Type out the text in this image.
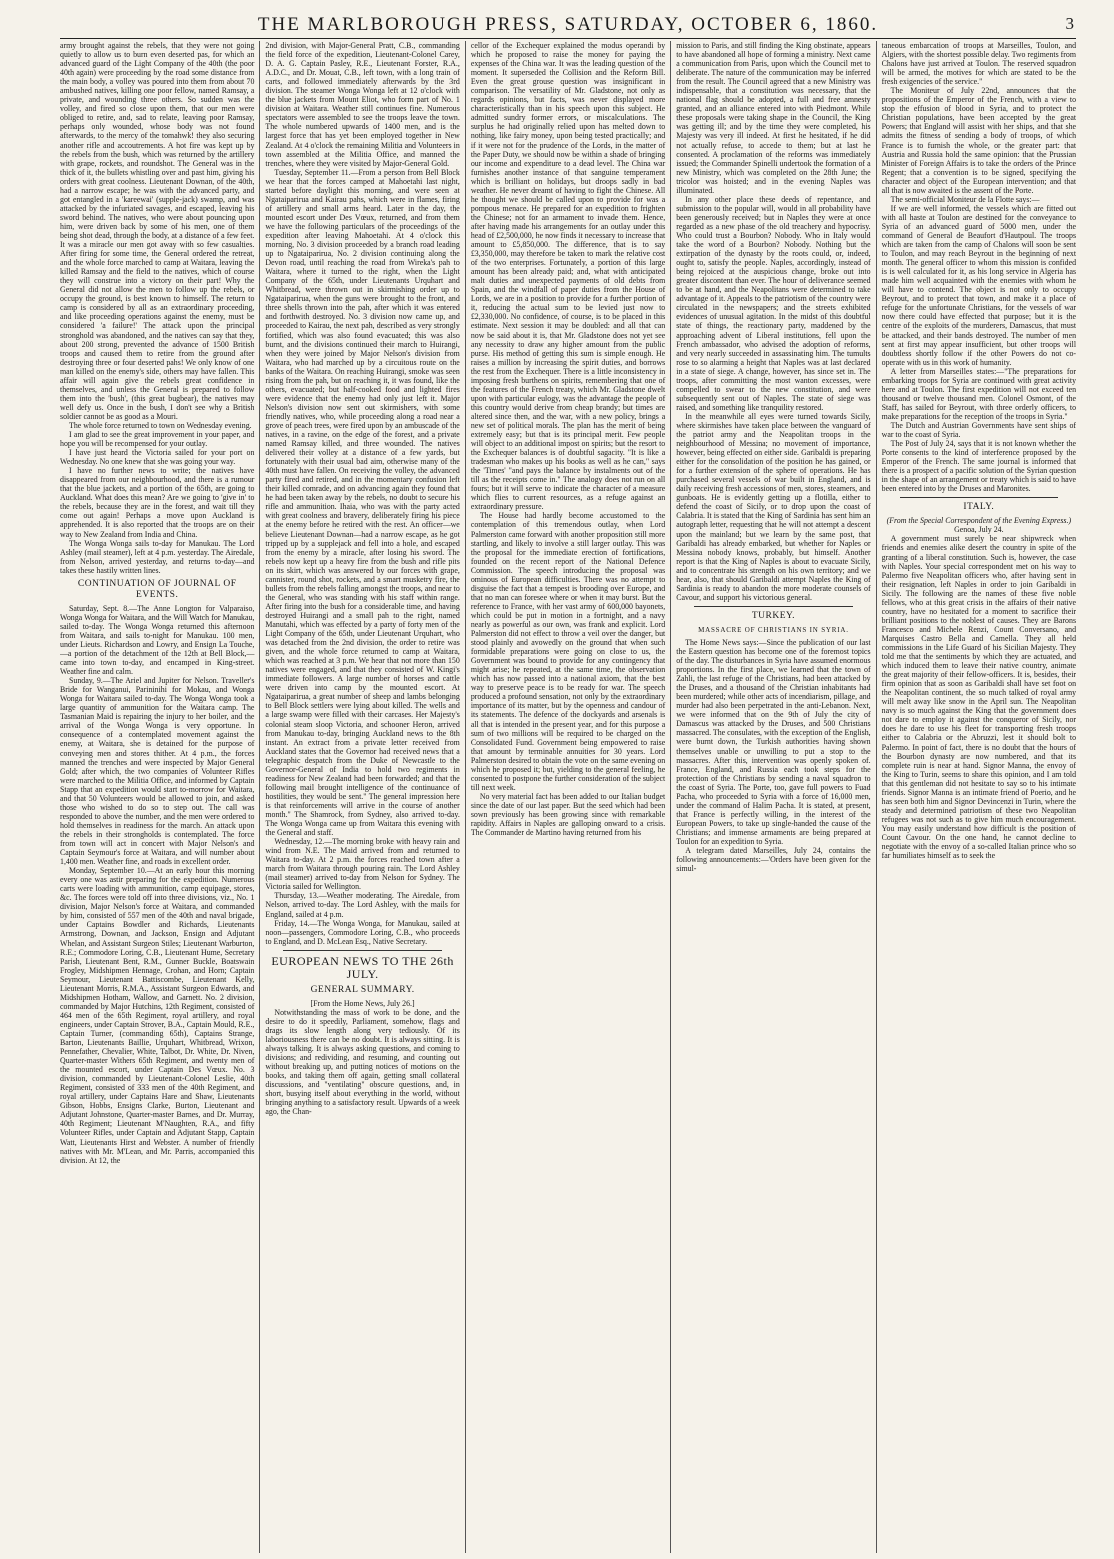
THE MARLBOROUGH PRESS, SATURDAY, OCTOBER 6, 1860.	3

army brought against the rebels, that they were not going quietly to allow us to burn even deserted pas, for which an advanced guard of the Light Company of the 40th (the poor 40th again) were proceeding by the road some distance from the main body, a volley was poured into them from about 70 ambushed natives, killing one poor fellow, named Ramsay, a private, and wounding three others. So sudden was the volley, and fired so close upon them, that our men were obliged to retire, and, sad to relate, leaving poor Ramsay, perhaps only wounded, whose body was not found afterwards, to the mercy of the tomahwk! they also securing another rifle and accoutrements. A hot fire was kept up by the rebels from the bush, which was returned by the artillery with grape, rockets, and roundshot. The General was in the thick of it, the bullets whistling over and past him, giving his orders with great coolness. Lieutenant Downan, of the 40th, had a narrow escape; he was with the advanced party, and got entangled in a 'kareewai' (supple-jack) swamp, and was attacked by the infuriated savages, and escaped, leaving his sword behind. The natives, who were about pouncing upon him, were driven back by some of his men, one of them being shot dead, through the body, at a distance of a few feet. It was a miracle our men got away with so few casualties. After firing for some time, the General ordered the retreat, and the whole force marched to camp at Waitara, leaving the killed Ramsay and the field to the natives, which of course they will construe into a victory on their part! Why the General did not allow the men to follow up the rebels, or occupy the ground, is best known to himself. The return to camp is considered by all as an extraordinary proceeding, and like proceeding operations against the enemy, must be considered 'a failure!' The attack upon the principal stronghold was abandoned, and the natives can say that they, about 200 strong, prevented the advance of 1500 British troops and caused them to retire from the ground after destroying three or four deserted pahs! We only know of one man killed on the enemy's side, others may have fallen. This affair will again give the rebels great confidence in themselves, and unless the General is prepared to follow them into the 'bush', (this great bugbear), the natives may well defy us. Once in the bush, I don't see why a British soldier cannot be as good as a Mouri.

The whole force returned to town on Wednesday evening.

I am glad to see the great improvement in your paper, and hope you will be recompensed for your outlay.

I have just heard the Victoria sailed for your port on Wednesday. No one knew that she was going your way.

I have no further news to write; the natives have disappeared from our neighbourhood, and there is a rumour that the blue jackets, and a portion of the 65th, are going to Auckland. What does this mean? Are we going to 'give in' to the rebels, because they are in the forest, and wait till they come out again! Perhaps a move upon Auckland is apprehended. It is also reported that the troops are on their way to New Zealand from India and China.

The Wonga Wonga sails to-day for Manukau. The Lord Ashley (mail steamer), left at 4 p.m. yesterday. The Airedale, from Nelson, arrived yesterday, and returns to-day—and takes these hastily written lines.

CONTINUATION OF JOURNAL OF EVENTS.

Saturday, Sept. 8.—The Anne Longton for Valparaiso, Wonga Wonga for Waitara, and the Will Watch for Manukau, sailed to-day. The Wonga Wonga returned this afternoon from Waitara, and sails to-night for Manukau. 100 men, under Lieuts. Richardson and Lowry, and Ensign La Touche,—a portion of the detachment of the 12th at Bell Block,—came into town to-day, and encamped in King-street. Weather fine and calm.

Sunday, 9.—The Ariel and Jupiter for Nelson. Traveller's Bride for Wanganui, Parininihi for Mokau, and Wonga Wonga for Waitara sailed to-day. The Wonga Wonga took a large quantity of ammunition for the Waitara camp. The Tasmanian Maid is repairing the injury to her boiler, and the arrival of the Wonga Wonga is very opportune. In consequence of a contemplated movement against the enemy, at Waitara, she is detained for the purpose of conveying men and stores thither. At 4 p.m., the forces manned the trenches and were inspected by Major General Gold; after which, the two companies of Volunteer Rifles were marched to the Militia Office, and informed by Captain Stapp that an expedition would start to-morrow for Waitara, and that 50 Volunteers would be allowed to join, and asked those who wished to do so to step out. The call was responded to above the number, and the men were ordered to hold themselves in readiness for the march. An attack upon the rebels in their strongholds is contemplated. The force from town will act in concert with Major Nelson's and Captain Seymour's force at Waitara, and will number about 1,400 men. Weather fine, and roads in excellent order.

Monday, September 10.—At an early hour this morning every one was astir preparing for the expedition. Numerous carts were loading with ammunition, camp equipage, stores, &c. The forces were told off into three divisions, viz., No. 1 division, Major Nelson's force at Waitara, and commanded by him, consisted of 557 men of the 40th and naval brigade, under Captains Bowdler and Richards, Lieutenants Armstrong, Downan, and Jackson, Ensign and Adjutant Whelan, and Assistant Surgeon Stiles; Lieutenant Warburton, R.E.; Commodore Loring, C.B., Lieutenant Hume, Secretary Parish, Lieutenant Bent, R.M., Gunner Buckle, Boatswain Frogley, Midshipmen Hennage, Crohan, and Horn; Captain Seymour, Lieutenant Battiscombe, Lieutenant Kelly, Lieutenant Morris, R.M.A., Assistant Surgeon Edwards, and Midshipmen Hotham, Wallow, and Garnett. No. 2 division, commanded by Major Hutchins, 12th Regiment, consisted of 464 men of the 65th Regiment, royal artillery, and royal engineers, under Captain Strover, B.A., Captain Mould, R.E., Captain Turner, (commanding 65th), Captains Strange, Barton, Lieutenants Baillie, Urquhart, Whitbread, Wrixon, Pennefather, Chevalier, White, Talbot, Dr. White, Dr. Niven, Quarter-master Withers 65th Regiment, and twenty men of the mounted escort, under Captain Des Vœux. No. 3 division, commanded by Lieutenant-Colonel Leslie, 40th Regiment, consisted of 333 men of the 40th Regiment, and royal artillery, under Captains Hare and Shaw, Lieutenants Gibson, Hobbs, Ensigns Clarke, Burton, Lieutenant and Adjutant Johnstone, Quarter-master Barnes, and Dr. Murray, 40th Regiment; Lieutenant M'Naughten, R.A., and fifty Volunteer Rifles, under Captain and Adjutant Stapp, Captain Watt, Lieutenants Hirst and Webster. A number of friendly natives with Mr. M'Lean, and Mr. Parris, accompanied this division. At 12, the

2nd division, with Major-General Pratt, C.B., commanding the field force of the expedition, Lieutenant-Colonel Carey, D. A. G. Captain Pasley, R.E., Lieutenant Forster, R.A., A.D.C., and Dr. Mouat, C.B., left town, with a long train of carts, and followed immediately afterwards by the 3rd division. The steamer Wonga Wonga left at 12 o'clock with the blue jackets from Mount Eliot, who form part of No. 1 division at Waitara. Weather still continues fine. Numerous spectators were assembled to see the troops leave the town. The whole numbered upwards of 1400 men, and is the largest force that has yet been employed together in New Zealand. At 4 o'clock the remaining Militia and Volunteers in town assembled at the Militia Office, and manned the trenches, where they were visited by Major-General Gold.

Tuesday, September 11.—From a person from Bell Block we hear that the forces camped at Mahoetahi last night, started before daylight this morning, and were seen at Ngataiparirua and Kairau pahs, which were in flames, firing of artillery and small arms heard. Later in the day, the mounted escort under Des Vœux, returned, and from them we have the following particulars of the proceedings of the expedition after leaving Mahoetahi. At 4 o'clock this morning, No. 3 division proceeded by a branch road leading up to Ngataiparirua, No. 2 division continuing along the Devon road, until reaching the road from Wireka's pah to Waitara, where it turned to the right, when the Light Company of the 65th, under Lieutenants Urquhart and Whitbread, were thrown out in skirmishing order up to Ngataiparirua, when the guns were brought to the front, and three shells thrown into the pah, after which it was entered and forthwith destroyed. No. 3 division now came up, and proceeded to Kairau, the next pah, described as very strongly fortified, which was also found evacuated; this was also burnt, and the divisions continued their march to Huirangi, when they were joined by Major Nelson's division from Waitara, who had marched up by a circuitous route on the banks of the Waitara. On reaching Huirangi, smoke was seen rising from the pah, but on reaching it, it was found, like the others, evacuated; but half-cooked food and lighted fires were evidence that the enemy had only just left it. Major Nelson's division now sent out skirmishers, with some friendly natives, who, while proceeding along a road near a grove of peach trees, were fired upon by an ambuscade of the natives, in a ravine, on the edge of the forest, and a private named Ramsay killed, and three wounded. The natives delivered their volley at a distance of a few yards, but fortunately with their usual bad aim, otherwise many of the 40th must have fallen. On receiving the volley, the advanced party fired and retired, and in the momentary confusion left their killed comrade, and on advancing again they found that he had been taken away by the rebels, no doubt to secure his rifle and ammunition. Ihaia, who was with the party acted with great coolness and bravery, deliberately firing his piece at the enemy before he retired with the rest. An officer—we believe Lieutenant Downan—had a narrow escape, as he got tripped up by a supplejack and fell into a hole, and escaped from the enemy by a miracle, after losing his sword. The rebels now kept up a heavy fire from the bush and rifle pits on its skirt, which was answered by our forces with grape, cannister, round shot, rockets, and a smart musketry fire, the bullets from the rebels falling amongst the troops, and near to the General, who was standing with his staff within range. After firing into the bush for a considerable time, and having destroyed Huirangi and a small pah to the right, named Manutahi, which was effected by a party of forty men of the Light Company of the 65th, under Lieutenant Urquhart, who was detached from the 2nd division, the order to retire was given, and the whole force returned to camp at Waitara, which was reached at 3 p.m. We hear that not more than 150 natives were engaged, and that they consisted of W. Kingi's immediate followers. A large number of horses and cattle were driven into camp by the mounted escort. At Ngataiparirua, a great number of sheep and lambs belonging to Bell Block settlers were lying about killed. The wells and a large swamp were filled with their carcases. Her Majesty's colonial steam sloop Victoria, and schooner Heron, arrived from Manukau to-day, bringing Auckland news to the 8th instant. An extract from a private letter received from Auckland states that the Governor had received news that a telegraphic despatch from the Duke of Newcastle to the Governor-General of India to hold two regiments in readiness for New Zealand had been forwarded; and that the following mail brought intelligence of the continuance of hostilities, they would be sent." The general impression here is that reinforcements will arrive in the course of another month." The Shamrock, from Sydney, also arrived to-day. The Wonga Wonga came up from Waitara this evening with the General and staff.

Wednesday, 12.—The morning broke with heavy rain and wind from N.E. The Maid arrived from and returned to Waitara to-day. At 2 p.m. the forces reached town after a march from Waitara through pouring rain. The Lord Ashley (mail steamer) arrived to-day from Nelson for Sydney. The Victoria sailed for Wellington.

Thursday, 13.—Weather moderating. The Airedale, from Nelson, arrived to-day. The Lord Ashley, with the mails for England, sailed at 4 p.m.

Friday, 14.—The Wonga Wonga, for Manukau, sailed at noon—passengers, Commodore Loring, C.B., who proceeds to England, and D. McLean Esq., Native Secretary.

EUROPEAN NEWS TO THE 26th JULY.

GENERAL SUMMARY.

[From the Home News, July 26.]

Notwithstanding the mass of work to be done, and the desire to do it speedily, Parliament, somehow, flags and drags its slow length along very tediously. Of its laboriousness there can be no doubt. It is always sitting. It is always talking. It is always asking questions, and coming to divisions; and redividing, and resuming, and counting out without breaking up, and putting notices of motions on the books, and taking them off again, getting small collateral discussions, and "ventilating" obscure questions, and, in short, busying itself about everything in the world, without bringing anything to a satisfactory result. Upwards of a week ago, the Chan-

cellor of the Exchequer explained the modus operandi by which he proposed to raise the money for paying the expenses of the China war. It was the leading question of the moment. It superseded the Collision and the Reform Bill. Even the great grouse question was insignificant in comparison. The versatility of Mr. Gladstone, not only as regards opinions, but facts, was never displayed more characteristically than in his speech upon this subject. He admitted sundry former errors, or miscalculations. The surplus he had originally relied upon has melted down to nothing, like fairy money, upon being tested practically; and if it were not for the prudence of the Lords, in the matter of the Paper Duty, we should now be within a shade of bringing our income and expenditure to a dead level. The China war furnishes another instance of that sanguine temperament which is brilliant on holidays, but droops sadly in bad weather. He never dreamt of having to fight the Chinese. All he thought we should be called upon to provide for was a pompous menace. He prepared for an expedition to frighten the Chinese; not for an armament to invade them. Hence, after having made his arrangements for an outlay under this head of £2,500,000, he now finds it necessary to increase that amount to £5,850,000. The difference, that is to say £3,350,000, may therefore be taken to mark the relative cost of the two enterprises. Fortunately, a portion of this large amount has been already paid; and, what with anticipated malt duties and unexpected payments of old debts from Spain, and the windfall of paper duties from the House of Lords, we are in a position to provide for a further portion of it, reducing the actual sum to be levied just now to £2,330,000. No confidence, of course, is to be placed in this estimate. Next session it may be doubled: and all that can now be said about it is, that Mr. Gladstone does not yet see any necessity to draw any higher amount from the public purse. His method of getting this sum is simple enough. He raises a million by increasing the spirit duties, and borrows the rest from the Exchequer. There is a little inconsistency in imposing fresh burthens on spirits, remembering that one of the features of the French treaty, which Mr. Gladstone dwelt upon with particular eulogy, was the advantage the people of this country would derive from cheap brandy; but times are altered since then, and the war, with a new policy, brings a new set of political morals. The plan has the merit of being extremely easy; but that is its principal merit. Few people will object to an additional impost on spirits; but the resort to the Exchequer balances is of doubtful sagacity. "It is like a tradesman who makes up his books as well as he can," says the 'Times' "and pays the balance by instalments out of the till as the receipts come in." The analogy does not run on all fours; but it will serve to indicate the character of a measure which flies to current resources, as a refuge against an extraordinary pressure.

The House had hardly become accustomed to the contemplation of this tremendous outlay, when Lord Palmerston came forward with another proposition still more startling, and likely to involve a still larger outlay. This was the proposal for the immediate erection of fortifications, founded on the recent report of the National Defence Commission. The speech introducing the proposal was ominous of European difficulties. There was no attempt to disguise the fact that a tempest is brooding over Europe, and that no man can foresee where or when it may burst. But the reference to France, with her vast army of 600,000 bayonets, which could be put in motion in a fortnight, and a navy nearly as powerful as our own, was frank and explicit. Lord Palmerston did not effect to throw a veil over the danger, but stood plainly and avowedly on the ground that when such formidable preparations were going on close to us, the Government was bound to provide for any contingency that might arise; he repeated, at the same time, the observation which has now passed into a national axiom, that the best way to preserve peace is to be ready for war. The speech produced a profound sensation, not only by the extraordinary importance of its matter, but by the openness and candour of its statements. The defence of the dockyards and arsenals is all that is intended in the present year, and for this purpose a sum of two millions will be required to be charged on the Consolidated Fund. Government being empowered to raise that amount by terminable annuities for 30 years. Lord Palmerston desired to obtain the vote on the same evening on which he proposed it; but, yielding to the general feeling, he consented to postpone the further consideration of the subject till next week.

No very material fact has been added to our Italian budget since the date of our last paper. But the seed which had been sown previously has been growing since with remarkable rapidity. Affairs in Naples are galloping onward to a crisis. The Commander de Martino having returned from his

mission to Paris, and still finding the King obstinate, appears to have abandoned all hope of forming a ministry. Next came a communication from Paris, upon which the Council met to deliberate. The nature of the communication may be inferred from the result. The Council agreed that a new Ministry was indispensable, that a constitution was necessary, that the national flag should be adopted, a full and free amnesty granted, and an alliance entered into with Piedmont. While these proposals were taking shape in the Council, the King was getting ill; and by the time they were completed, his Majesty was very ill indeed. At first he hesitated, if he did not actually refuse, to accede to them; but at last he consented. A proclamation of the reforms was immediately issued; the Commander Spinelli undertook the formation of a new Ministry, which was completed on the 28th June; the tricolor was hoisted; and in the evening Naples was illuminated.

In any other place these deeds of repentance, and submission to the popular will, would in all probability have been generously received; but in Naples they were at once regarded as a new phase of the old treachery and hypocrisy. Who could trust a Bourbon? Nobody. Who in Italy would take the word of a Bourbon? Nobody. Nothing but the extirpation of the dynasty by the roots could, or, indeed, ought to, satisfy the people. Naples, accordingly, instead of being rejoiced at the auspicious change, broke out into greater discontent than ever. The hour of deliverance seemed to be at hand, and the Neapolitans were determined to take advantage of it. Appeals to the patriotism of the country were circulated in the newspapers; and the streets exhibited evidences of unusual agitation. In the midst of this doubtful state of things, the reactionary party, maddened by the approaching advent of Liberal institutions, fell upon the French ambassador, who advised the adoption of reforms, and very nearly succeeded in assassinating him. The tumults rose to so alarming a height that Naples was at last declared in a state of siege. A change, however, has since set in. The troops, after committing the most wanton excesses, were compelled to swear to the new constitution, and were subsequently sent out of Naples. The state of siege was raised, and something like tranquility restored.

In the meanwhile all eyes were turned towards Sicily, where skirmishes have taken place between the vanguard of the patriot army and the Neapolitan troops in the neighbourhood of Messina; no movement of importance, however, being effected on either side. Garibaldi is preparing either for the consolidation of the position he has gained, or for a further extension of the sphere of operations. He has purchased several vessels of war built in England, and is daily receiving fresh accessions of men, stores, steamers, and gunboats. He is evidently getting up a flotilla, either to defend the coast of Sicily, or to drop upon the coast of Calabria. It is stated that the King of Sardinia has sent him an autograph letter, requesting that he will not attempt a descent upon the mainland; but we learn by the same post, that Garibaldi has already embarked, but whether for Naples or Messina nobody knows, probably, but himself. Another report is that the King of Naples is about to evacuate Sicily, and to concentrate his strength on his own territory; and we hear, also, that should Garibaldi attempt Naples the King of Sardinia is ready to abandon the more moderate counsels of Cavour, and support his victorious general.

TURKEY.

MASSACRE OF CHRISTIANS IN SYRIA.

The Home News says:—Since the publication of our last the Eastern question has become one of the foremost topics of the day. The disturbances in Syria have assumed enormous proportions. In the first place, we learned that the town of Zahli, the last refuge of the Christians, had been attacked by the Druses, and a thousand of the Christian inhabitants had been murdered; while other acts of incendiarism, pillage, and murder had also been perpetrated in the anti-Lebanon. Next, we were informed that on the 9th of July the city of Damascus was attacked by the Druses, and 500 Christians massacred. The consulates, with the exception of the English, were burnt down, the Turkish authorities having shown themselves unable or unwilling to put a stop to the massacres. After this, intervention was openly spoken of. France, England, and Russia each took steps for the protection of the Christians by sending a naval squadron to the coast of Syria. The Porte, too, gave full powers to Fuad Pacha, who proceeded to Syria with a force of 16,000 men, under the command of Halim Pacha. It is stated, at present, that France is perfectly willing, in the interest of the European Powers, to take up single-handed the cause of the Christians; and immense armaments are being prepared at Toulon for an expedition to Syria.

A telegram dated Marseilles, July 24, contains the following announcements:—'Orders have been given for the simul-

taneous embarcation of troops at Marseilles, Toulon, and Algiers, with the shortest possible delay. Two regiments from Chalons have just arrived at Toulon. The reserved squadron will be armed, the motives for which are stated to be the fresh exigencies of the service."

The Moniteur of July 22nd, announces that the propositions of the Emperor of the French, with a view to stop the effusion of blood in Syria, and to protect the Christian populations, have been accepted by the great Powers; that England will assist with her ships, and that she admits the fitness of sending a body of troops, of which France is to furnish the whole, or the greater part: that Austria and Russia hold the same opinion: that the Prussian Minister of Foreign Affairs is to take the orders of the Prince Regent; that a convention is to be signed, specifying the character and object of the European intervention; and that all that is now awaited is the assent of the Porte.

The semi-official Moniteur de la Flotte says:—

If we are well informed, the vessels which are fitted out with all haste at Toulon are destined for the conveyance to Syria of an advanced guard of 5000 men, under the command of General de Beaufort d'Hautpoul. The troops which are taken from the camp of Chalons will soon be sent to Toulon, and may reach Beyrout in the beginning of next month. The general officer to whom this mission is confided is is well calculated for it, as his long service in Algeria has made him well acquainted with the enemies with whom he will have to contend. The object is not only to occupy Beyrout, and to protect that town, and make it a place of refuge for the unfortunate Christians, for the vessels of war now there could have effected that purpose; but it is the centre of the exploits of the murderers, Damascus, that must be attacked, and their bands destroyed. The number of men sent at first may appear insufficient, but other troops will doubtless shortly follow if the other Powers do not co-operate with us in this work of humanity.

A letter from Marseilles states:—"The preparations for embarking troops for Syria are continued with great activity here and at Toulon. The first expedition will not exceed ten thousand or twelve thousand men. Colonel Osmont, of the Staff, has sailed for Beyrout, with three orderly officers, to make preparations for the reception of the troops in Syria."

The Dutch and Austrian Governments have sent ships of war to the coast of Syria.

The Post of July 24, says that it is not known whether the Porte consents to the kind of interference proposed by the Emperor of the French. The same journal is informed that there is a prospect of a pacific solution of the Syrian question in the shape of an arrangement or treaty which is said to have been entered into by the Druses and Maronites.

ITALY.

(From the Special Correspondent of the Evening Express.)

Genoa, July 24.

A government must surely be near shipwreck when friends and enemies alike desert the country in spite of the granting of a liberal constitution. Such is, however, the case with Naples. Your special correspondent met on his way to Palermo five Neapolitan officers who, after having sent in their resignation, left Naples in order to join Garibaldi in Sicily. The following are the names of these five noble fellows, who at this great crisis in the affairs of their native country, have no hesitated for a moment to sacrifice their brilliant positions to the noblest of causes. They are Barons Francesco and Michele Renzi, Count Conversano, and Marquises Castro Bella and Camella. They all held commissions in the Life Guard of his Sicilian Majesty. They told me that the sentiments by which they are actuated, and which induced them to leave their native country, animate the great majority of their fellow-officers. It is, besides, their firm opinion that as soon as Garibaldi shall have set foot on the Neapolitan continent, the so much talked of royal army will melt away like snow in the April sun. The Neapolitan navy is so much against the King that the government does not dare to employ it against the conqueror of Sicily, nor does he dare to use his fleet for transporting fresh troops either to Calabria or the Abruzzi, lest it should bolt to Palermo. In point of fact, there is no doubt that the hours of the Bourbon dynasty are now numbered, and that its complete ruin is near at hand. Signor Manna, the envoy of the King to Turin, seems to share this opinion, and I am told that this gentleman did not hesitate to say so to his intimate friends. Signor Manna is an intimate friend of Poerio, and he has seen both him and Signor Devincenzi in Turin, where the steady and determined patriotism of these two Neapolitan refugees was not such as to give him much encouragement. You may easily understand how difficult is the position of Count Cavour. On the one hand, he cannot decline to negotiate with the envoy of a so-called Italian prince who so far humiliates himself as to seek the
